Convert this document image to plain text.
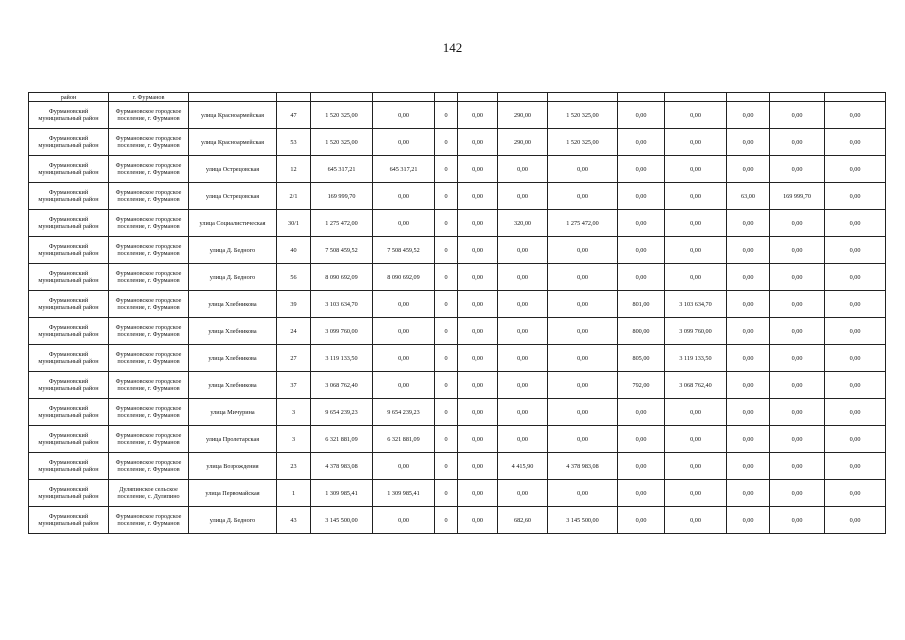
142
район	г. Фурманов													
Фурмановский муниципальный район	Фурмановское городское поселение, г. Фурманов	улица Красноармейская	47	1 520 325,00	0,00	0	0,00	290,00	1 520 325,00	0,00	0,00	0,00	0,00	0,00
Фурмановский муниципальный район	Фурмановское городское поселение, г. Фурманов	улица Красноармейская	53	1 520 325,00	0,00	0	0,00	290,00	1 520 325,00	0,00	0,00	0,00	0,00	0,00
Фурмановский муниципальный район	Фурмановское городское поселение, г. Фурманов	улица Острецовская	12	645 317,21	645 317,21	0	0,00	0,00	0,00	0,00	0,00	0,00	0,00	0,00
Фурмановский муниципальный район	Фурмановское городское поселение, г. Фурманов	улица Острецовская	2/1	169 999,70	0,00	0	0,00	0,00	0,00	0,00	0,00	63,00	169 999,70	0,00
Фурмановский муниципальный район	Фурмановское городское поселение, г. Фурманов	улица Социалистическая	30/1	1 275 472,00	0,00	0	0,00	320,00	1 275 472,00	0,00	0,00	0,00	0,00	0,00
Фурмановский муниципальный район	Фурмановское городское поселение, г. Фурманов	улица Д. Бедного	40	7 508 459,52	7 508 459,52	0	0,00	0,00	0,00	0,00	0,00	0,00	0,00	0,00
Фурмановский муниципальный район	Фурмановское городское поселение, г. Фурманов	улица Д. Бедного	56	8 090 692,09	8 090 692,09	0	0,00	0,00	0,00	0,00	0,00	0,00	0,00	0,00
Фурмановский муниципальный район	Фурмановское городское поселение, г. Фурманов	улица Хлебникова	39	3 103 634,70	0,00	0	0,00	0,00	0,00	801,00	3 103 634,70	0,00	0,00	0,00
Фурмановский муниципальный район	Фурмановское городское поселение, г. Фурманов	улица Хлебникова	24	3 099 760,00	0,00	0	0,00	0,00	0,00	800,00	3 099 760,00	0,00	0,00	0,00
Фурмановский муниципальный район	Фурмановское городское поселение, г. Фурманов	улица Хлебникова	27	3 119 133,50	0,00	0	0,00	0,00	0,00	805,00	3 119 133,50	0,00	0,00	0,00
Фурмановский муниципальный район	Фурмановское городское поселение, г. Фурманов	улица Хлебникова	37	3 068 762,40	0,00	0	0,00	0,00	0,00	792,00	3 068 762,40	0,00	0,00	0,00
Фурмановский муниципальный район	Фурмановское городское поселение, г. Фурманов	улица Мичурина	3	9 654 239,23	9 654 239,23	0	0,00	0,00	0,00	0,00	0,00	0,00	0,00	0,00
Фурмановский муниципальный район	Фурмановское городское поселение, г. Фурманов	улица Пролетарская	3	6 321 881,09	6 321 881,09	0	0,00	0,00	0,00	0,00	0,00	0,00	0,00	0,00
Фурмановский муниципальный район	Фурмановское городское поселение, г. Фурманов	улица Возрождения	23	4 378 983,08	0,00	0	0,00	4 415,90	4 378 983,08	0,00	0,00	0,00	0,00	0,00
Фурмановский муниципальный район	Дуляпинское сельское поселение, с. Дуляпино	улица Первомайская	1	1 309 985,41	1 309 985,41	0	0,00	0,00	0,00	0,00	0,00	0,00	0,00	0,00
Фурмановский муниципальный район	Фурмановское городское поселение, г. Фурманов	улица Д. Бедного	43	3 145 500,00	0,00	0	0,00	682,60	3 145 500,00	0,00	0,00	0,00	0,00	0,00
